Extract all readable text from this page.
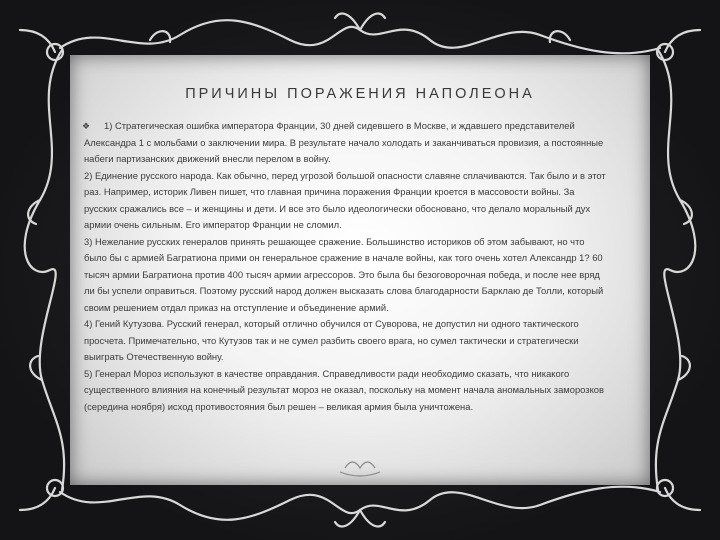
ПРИЧИНЫ ПОРАЖЕНИЯ НАПОЛЕОНА
❖ 1) Стратегическая ошибка императора Франции, 30 дней сидевшего в Москве, и ждавшего представителей
Александра 1 с мольбами о заключении мира. В результате начало холодать и заканчиваться провизия, а постоянные
набеги партизанских движений внесли перелом в войну.
2) Единение русского народа. Как обычно, перед угрозой большой опасности славяне сплачиваются. Так было и в этот
раз. Например, историк Ливен пишет, что главная причина поражения Франции кроется в массовости войны. За
русских сражались все – и женщины и дети. И все это было идеологически обосновано, что делало моральный дух
армии очень сильным. Его император Франции не сломил.
3) Нежелание русских генералов принять решающее сражение. Большинство историков об этом забывают, но что
было бы с армией Багратиона прими он генеральное сражение в начале войны, как того очень хотел Александр 1? 60
тысяч армии Багратиона против 400 тысяч армии агрессоров. Это была бы безоговорочная победа, и после нее вряд
ли бы успели оправиться. Поэтому русский народ должен высказать слова благодарности Барклаю де Толли, который
своим решением отдал приказ на отступление и объединение армий.
4) Гений Кутузова. Русский генерал, который отлично обучился от Суворова, не допустил ни одного тактического
просчета. Примечательно, что Кутузов так и не сумел разбить своего врага, но сумел тактически и стратегически
выиграть Отечественную войну.
5) Генерал Мороз используют в качестве оправдания. Справедливости ради необходимо сказать, что никакого
существенного влияния на конечный результат мороз не оказал, поскольку на момент начала аномальных заморозков
(середина ноября) исход противостояния был решен – великая армия была уничтожена.
